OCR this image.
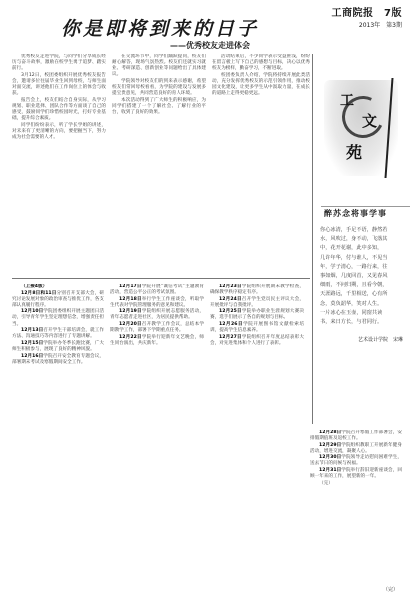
工商院报　7版
2013年　第3期
你是即将到来的日子
——优秀校友走进体会

优秀校友走进学院，与同学们分享成长经历与奋斗故事，激励在校学生勇于追梦、踏实前行。

3月12日，校团委组织开展优秀校友报告会，邀请多位往届毕业生回到母校，与师生面对面交流，讲述他们在工作岗位上的体会与收获。

报告会上，校友们结合自身实际，从学习规划、职业选择、团队合作等方面谈了自己的感受，鼓励同学们珍惜校园时光，打好专业基础，提升综合素质。

同学们纷纷表示，听了学长学姐的讲述，对未来有了更清晰的方向，要把握当下，努力成为社会需要的人才。

在交流环节中，同学们踊跃提问，校友们耐心解答，现场气氛热烈。校友们还就实习就业、考研深造、创新创业等问题给出了具体建议。

学院领导对校友们的到来表示感谢，希望校友们常回母校看看，为学院的建设与发展多提宝贵意见，共同营造良好的育人环境。

本次活动得到了广大师生的积极响应，为同学们搭建了一个了解社会、了解行业的平台，收到了良好的效果。

活动结束后，不少同学表示受益匪浅，纷纷在留言板上写下自己的感想与目标，决心以优秀校友为榜样，勤奋学习，不断进取。

校团委负责人介绍，学院将持续开展此类活动，充分发挥优秀校友的示范引领作用，推动校园文化建设，让更多学生从中汲取力量，在成长的道路上走得更稳更远。

（上接4版）

12月8日和11日分别召开支部大会，研究讨论发展对象的政治审查与推优工作，各支部认真履行程序。

12月10日学院团委组织开展主题团日活动，引导青年学生坚定理想信念，增强责任担当。

12月13日召开学生干部培训会，就工作方法、沟通技巧等内容进行了专题讲解。

12月15日学院举办冬季长跑比赛，广大师生积极参与，展现了良好的精神风貌。

12月16日学院召开安全教育专题会议，部署期末考试及寒假期间安全工作。

12月17日学院开展“诚信考试”主题教育活动，营造公平公正的考试氛围。

12月18日举行学生工作座谈会，听取学生代表对学院管理服务的意见和建议。

12月19日学院组织开展志愿服务活动，青年志愿者走进社区，为居民提供帮助。

12月20日召开教学工作会议，总结本学期教学工作，部署下学期重点任务。

12月22日学院举行迎新年文艺晚会，师生同台演出，共庆新年。

12月23日学院组织开展期末教学检查，确保教学秩序稳定有序。

12月24日召开学生党员民主评议大会，开展批评与自我批评。

12月25日学院举办职业生涯规划大赛决赛，选手们展示了各自的规划与目标。

12月26日学院开展图书馆文献检索培训，提高学生信息素养。

12月27日学院组织召开年度总结表彰大会，对先进集体和个人进行了表彰。

12月28日学院召开寒假工作部署会，安排假期值班及返校工作。

12月29日学院组织教职工开展新年健身活动，增进交流，凝聚人心。

12月30日学院领导走访慰问困难学生，送去节日的问候与祝福。

12月31日学院举行辞旧迎新座谈会，回顾一年来的工作，展望新的一年。

（完）

工
文
苑
醉苏念将事学事
你心冰清，手足不语，静然若
水，风吹过，身不动，飞落其
中，花开花谢，此中多知，
几许年华，付与谁人，不见当
年，学子清心，一路行来，往
事如烟，几度回首，又见春风
细雨，不问归期，且看今朝，
天涯路远，千里相送，心有所
念，莫负韶华，笑对人生。
一片冰心在玉壶，同窗共读
书，来日方长，与君同行。
艺术设计学院　宋琳
（完）
